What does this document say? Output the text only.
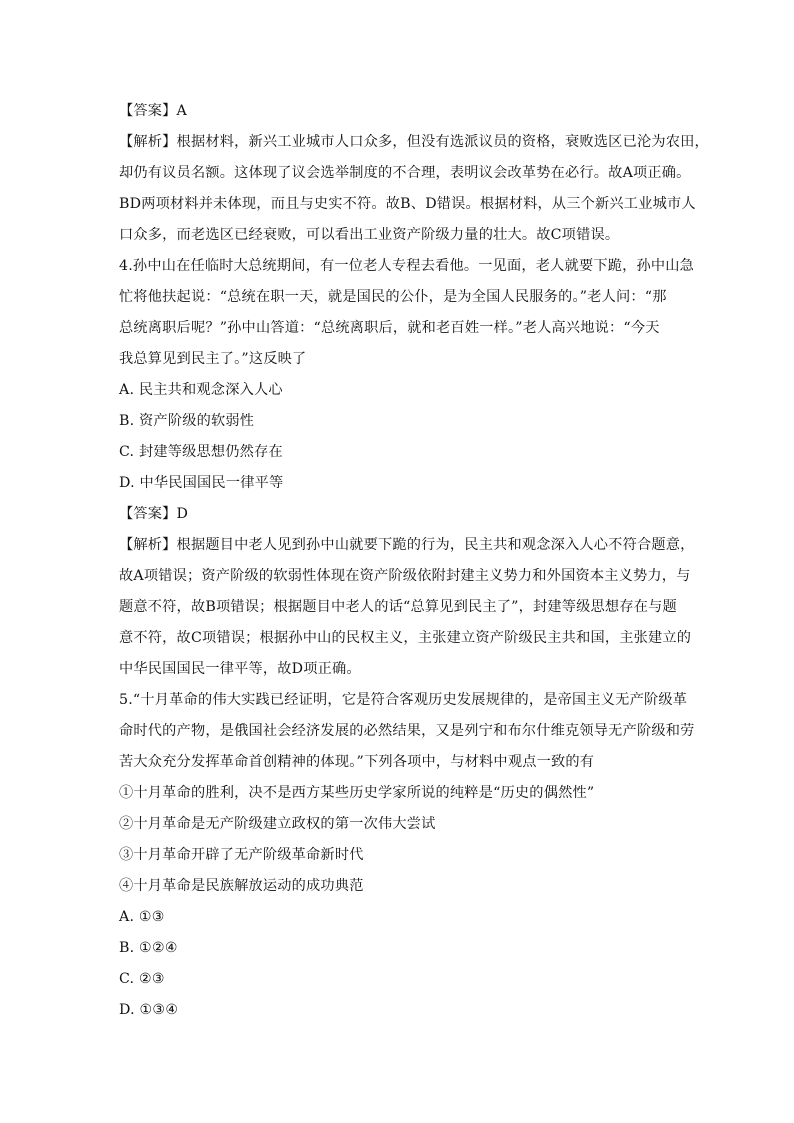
【答案】A
【解析】根据材料，新兴工业城市人口众多，但没有选派议员的资格，衰败选区已沦为农田，
却仍有议员名额。这体现了议会选举制度的不合理，表明议会改革势在必行。故A项正确。
BD两项材料并未体现，而且与史实不符。故B、D错误。根据材料，从三个新兴工业城市人
口众多，而老选区已经衰败，可以看出工业资产阶级力量的壮大。故C项错误。
4.孙中山在任临时大总统期间，有一位老人专程去看他。一见面，老人就要下跪，孙中山急
忙将他扶起说：“总统在职一天，就是国民的公仆，是为全国人民服务的。”老人问：“那
总统离职后呢？”孙中山答道：“总统离职后，就和老百姓一样。”老人高兴地说：“今天
我总算见到民主了。”这反映了
A. 民主共和观念深入人心
B. 资产阶级的软弱性
C. 封建等级思想仍然存在
D. 中华民国国民一律平等
【答案】D
【解析】根据题目中老人见到孙中山就要下跪的行为，民主共和观念深入人心不符合题意，
故A项错误；资产阶级的软弱性体现在资产阶级依附封建主义势力和外国资本主义势力，与
题意不符，故B项错误；根据题目中老人的话“总算见到民主了”，封建等级思想存在与题
意不符，故C项错误；根据孙中山的民权主义，主张建立资产阶级民主共和国，主张建立的
中华民国国民一律平等，故D项正确。
5.“十月革命的伟大实践已经证明，它是符合客观历史发展规律的，是帝国主义无产阶级革
命时代的产物，是俄国社会经济发展的必然结果，又是列宁和布尔什维克领导无产阶级和劳
苦大众充分发挥革命首创精神的体现。”下列各项中，与材料中观点一致的有
①十月革命的胜利，决不是西方某些历史学家所说的纯粹是“历史的偶然性”
②十月革命是无产阶级建立政权的第一次伟大尝试
③十月革命开辟了无产阶级革命新时代
④十月革命是民族解放运动的成功典范
A. ①③
B. ①②④
C. ②③
D. ①③④
